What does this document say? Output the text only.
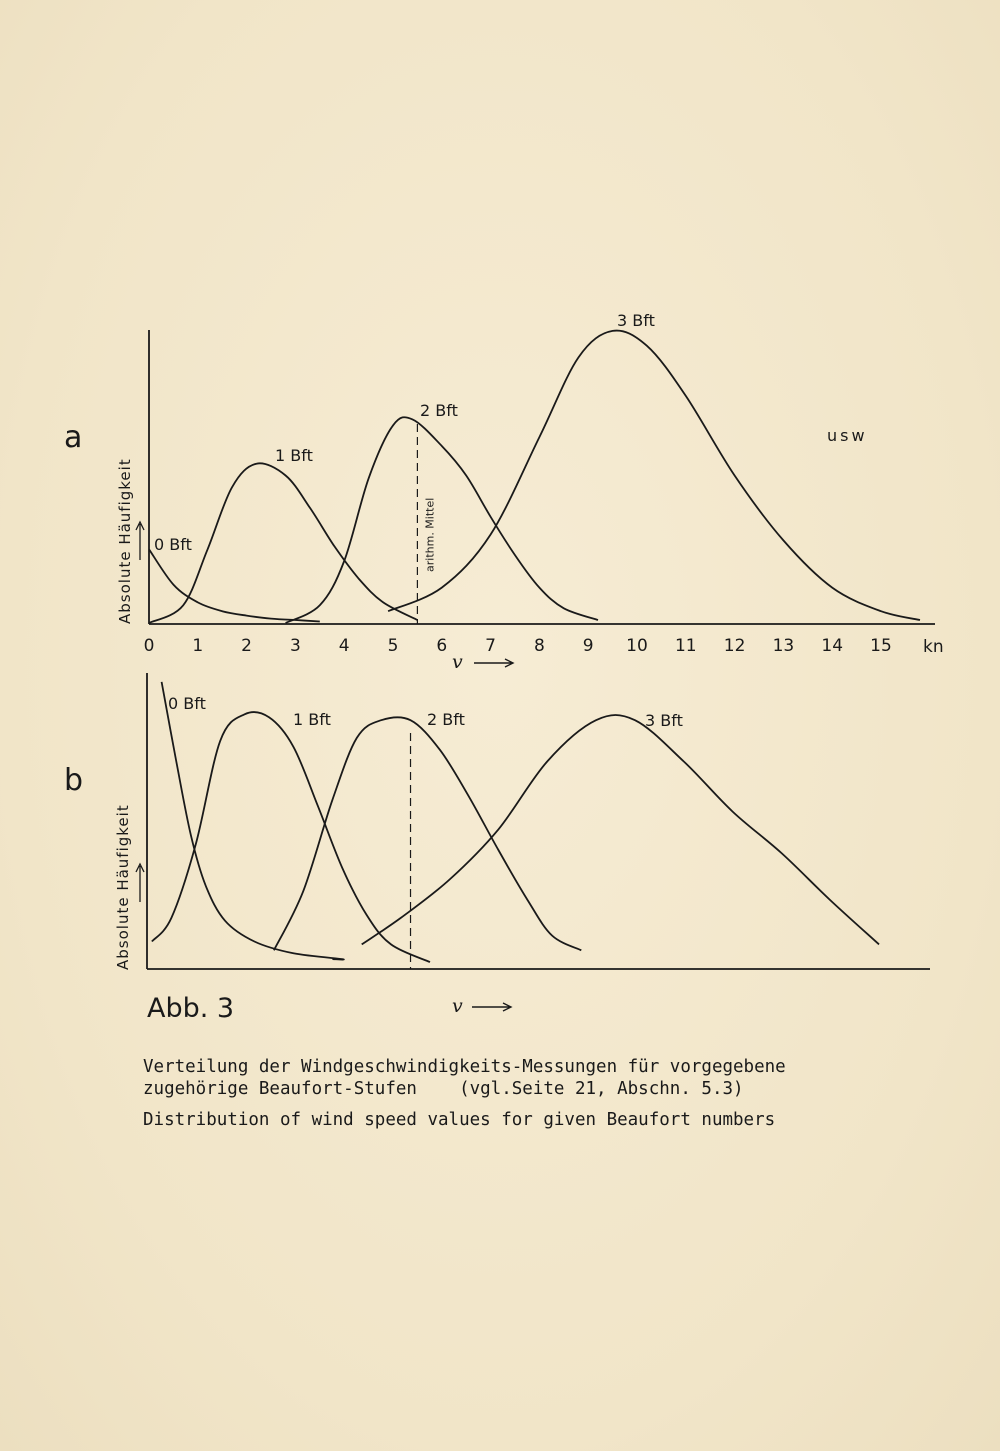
a
0 1 2 3 4 5 6 7 8 9 10 11 12 13 14 15 kn
v
Absolute Häufigkeit	arithm. Mittel
usw
0 Bft
1 Bft
2 Bft
3 Bft
b
Absolute Häufigkeit
0 Bft
1 Bft	2 Bft	3 Bft
v
Abb. 3
Verteilung der Windgeschwindigkeits-Messungen für vorgegebene
zugehörige Beaufort-Stufen    (vgl.Seite 21, Abschn. 5.3)
Distribution of wind speed values for given Beaufort numbers
